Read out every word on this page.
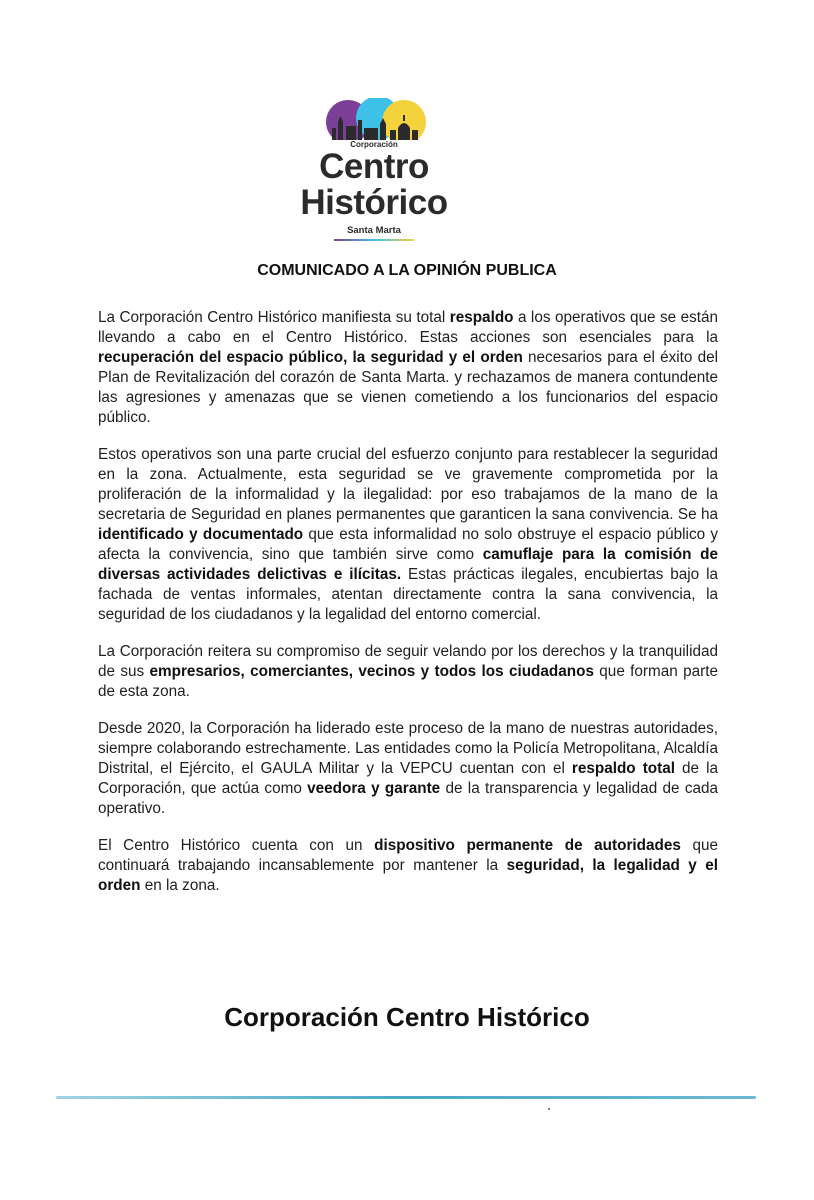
Corporación
Centro
Histórico
Santa Marta
COMUNICADO A LA OPINIÓN PUBLICA

La Corporación Centro Histórico manifiesta su total respaldo a los operativos que se están llevando a cabo en el Centro Histórico. Estas acciones son esenciales para la recuperación del espacio público, la seguridad y el orden necesarios para el éxito del Plan de Revitalización del corazón de Santa Marta. y rechazamos de manera contundente las agresiones y amenazas que se vienen cometiendo a los funcionarios del espacio público.

Estos operativos son una parte crucial del esfuerzo conjunto para restablecer la seguridad en la zona. Actualmente, esta seguridad se ve gravemente comprometida por la proliferación de la informalidad y la ilegalidad: por eso trabajamos de la mano de la secretaria de Seguridad en planes permanentes que garanticen la sana convivencia. Se ha identificado y documentado que esta informalidad no solo obstruye el espacio público y afecta la convivencia, sino que también sirve como camuflaje para la comisión de diversas actividades delictivas e ilícitas. Estas prácticas ilegales, encubiertas bajo la fachada de ventas informales, atentan directamente contra la sana convivencia, la seguridad de los ciudadanos y la legalidad del entorno comercial.

La Corporación reitera su compromiso de seguir velando por los derechos y la tranquilidad de sus empresarios, comerciantes, vecinos y todos los ciudadanos que forman parte de esta zona.

Desde 2020, la Corporación ha liderado este proceso de la mano de nuestras autoridades, siempre colaborando estrechamente. Las entidades como la Policía Metropolitana, Alcaldía Distrital, el Ejército, el GAULA Militar y la VEPCU cuentan con el respaldo total de la Corporación, que actúa como veedora y garante de la transparencia y legalidad de cada operativo.

El Centro Histórico cuenta con un dispositivo permanente de autoridades que continuará trabajando incansablemente por mantener la seguridad, la legalidad y el orden en la zona.

Corporación Centro Histórico
